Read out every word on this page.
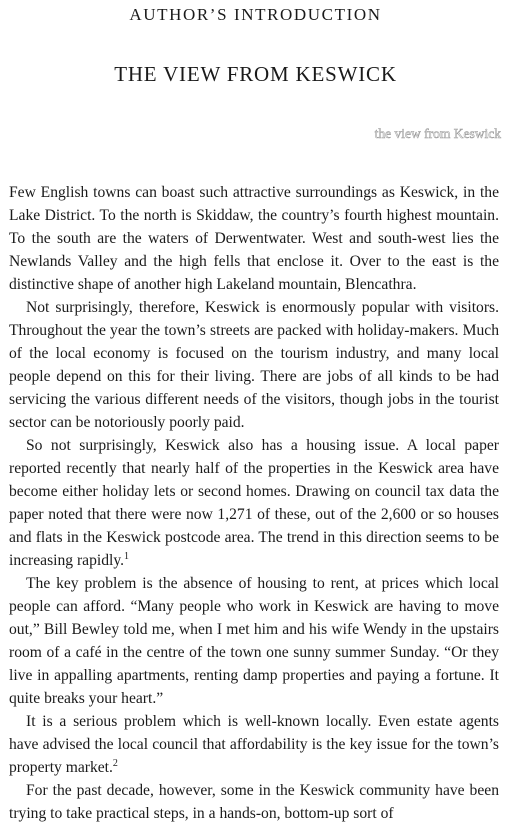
AUTHOR’S INTRODUCTION
THE VIEW FROM KESWICK
the view from Keswick

Few English towns can boast such attractive surroundings as Keswick, in the Lake District. To the north is Skiddaw, the country’s fourth highest mountain. To the south are the waters of Derwentwater. West and south-west lies the Newlands Valley and the high fells that enclose it. Over to the east is the distinctive shape of another high Lakeland mountain, Blencathra.

Not surprisingly, therefore, Keswick is enormously popular with visitors. Throughout the year the town’s streets are packed with holiday-makers. Much of the local economy is focused on the tourism industry, and many local people depend on this for their living. There are jobs of all kinds to be had servicing the various different needs of the visitors, though jobs in the tourist sector can be notoriously poorly paid.

So not surprisingly, Keswick also has a housing issue. A local paper reported recently that nearly half of the properties in the Keswick area have become either holiday lets or second homes. Drawing on council tax data the paper noted that there were now 1,271 of these, out of the 2,600 or so houses and flats in the Keswick postcode area. The trend in this direction seems to be increasing rapidly.$^1$

The key problem is the absence of housing to rent, at prices which local people can afford. “Many people who work in Keswick are having to move out,” Bill Bewley told me, when I met him and his wife Wendy in the upstairs room of a café in the centre of the town one sunny summer Sunday. “Or they live in appalling apartments, renting damp properties and paying a fortune. It quite breaks your heart.”

It is a serious problem which is well-known locally. Even estate agents have advised the local council that affordability is the key issue for the town’s property market.$^2$

For the past decade, however, some in the Keswick community have been trying to take practical steps, in a hands-on, bottom-up sort of
